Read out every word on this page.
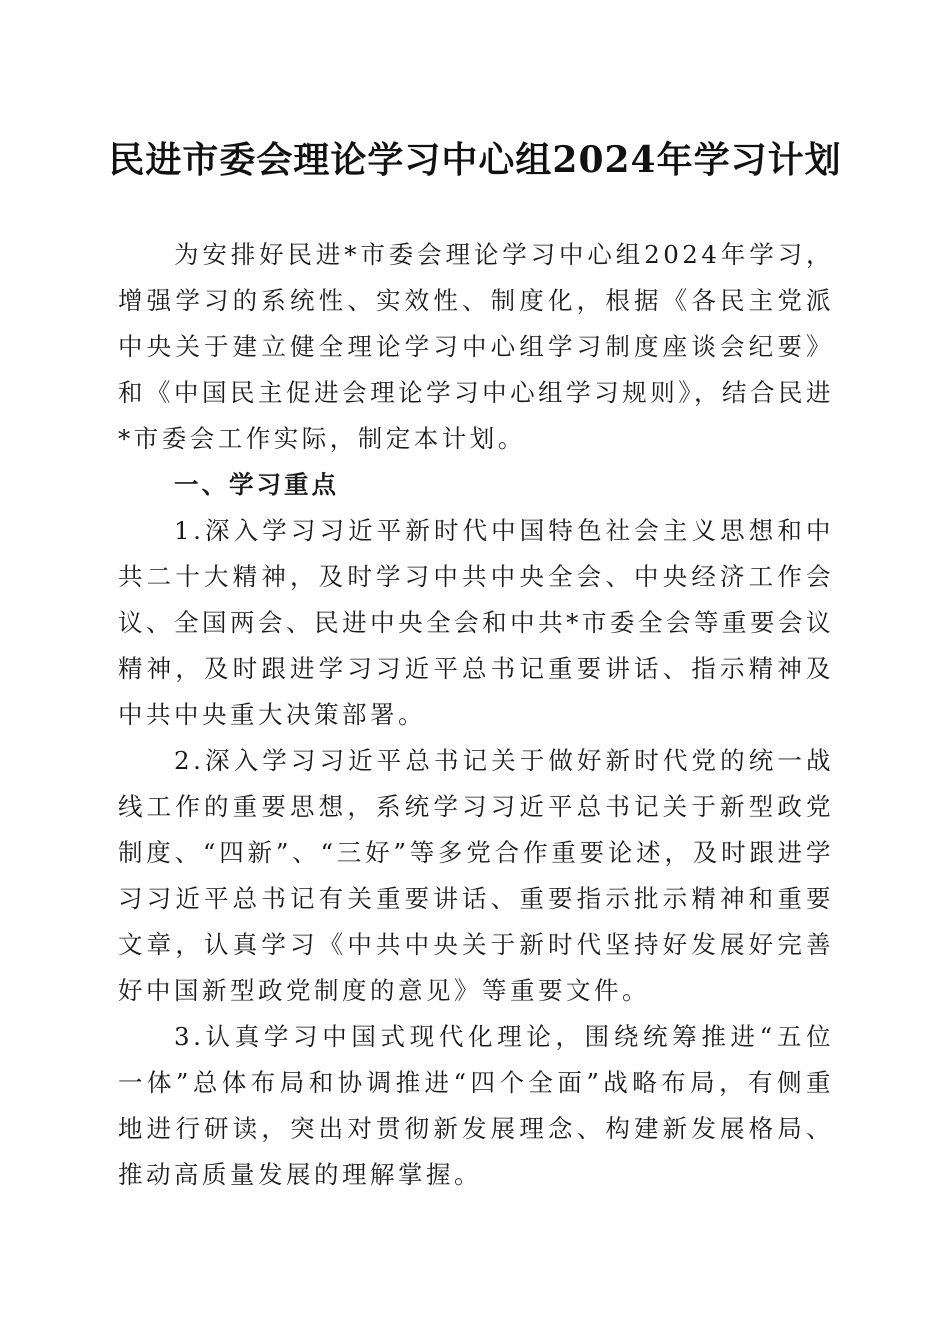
民进市委会理论学习中心组2024年学习计划

为安排好民进*市委会理论学习中心组2024年学习，增强学习的系统性、实效性、制度化，根据《各民主党派中央关于建立健全理论学习中心组学习制度座谈会纪要》和《中国民主促进会理论学习中心组学习规则》，结合民进*市委会工作实际，制定本计划。

一、学习重点

1.深入学习习近平新时代中国特色社会主义思想和中共二十大精神，及时学习中共中央全会、中央经济工作会议、全国两会、民进中央全会和中共*市委全会等重要会议精神，及时跟进学习习近平总书记重要讲话、指示精神及中共中央重大决策部署。

2.深入学习习近平总书记关于做好新时代党的统一战线工作的重要思想，系统学习习近平总书记关于新型政党制度、“四新”、“三好”等多党合作重要论述，及时跟进学习习近平总书记有关重要讲话、重要指示批示精神和重要文章，认真学习《中共中央关于新时代坚持好发展好完善好中国新型政党制度的意见》等重要文件。

3.认真学习中国式现代化理论，围绕统筹推进“五位一体”总体布局和协调推进“四个全面”战略布局，有侧重地进行研读，突出对贯彻新发展理念、构建新发展格局、推动高质量发展的理解掌握。
